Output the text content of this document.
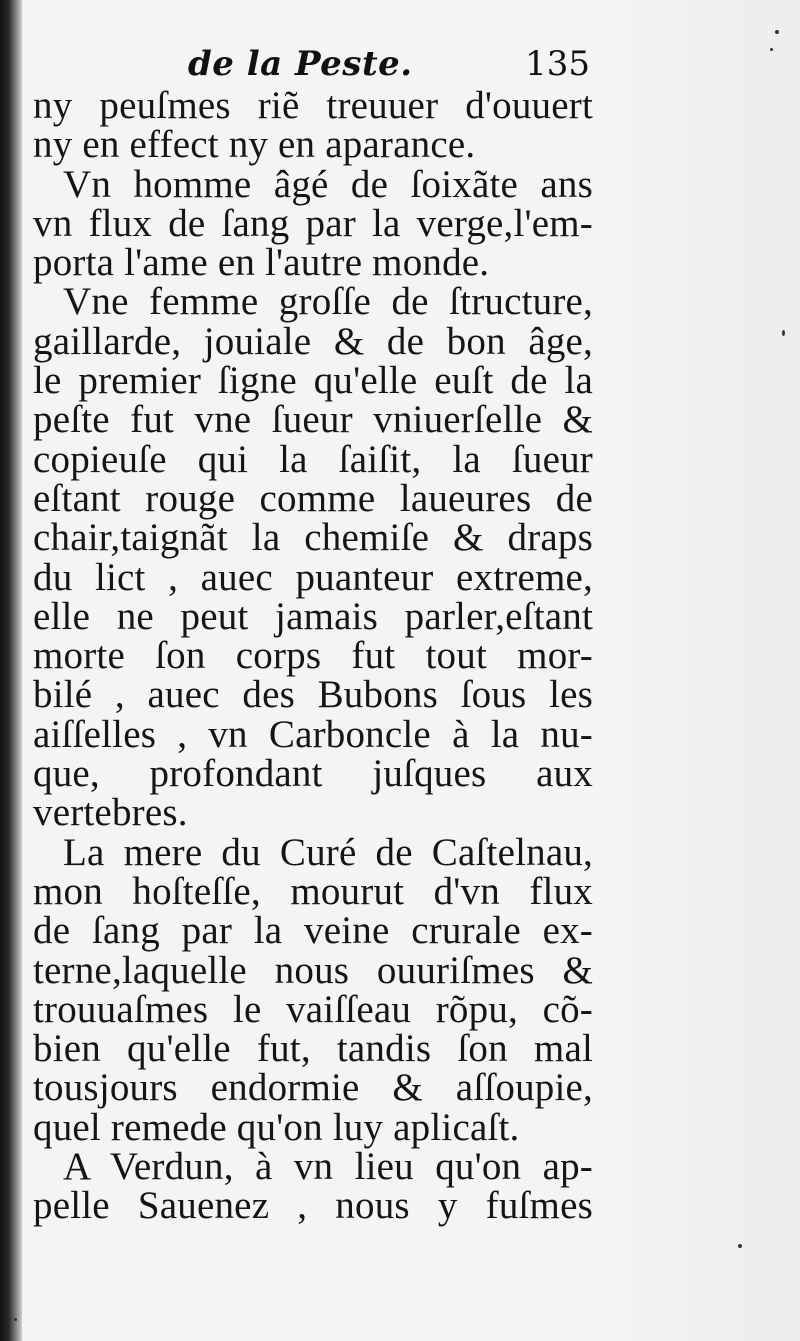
de la Peste.	135
ny peuſmes riẽ treuuer d'ouuert
ny en effect ny en aparance.
Vn homme âgé de ſoixãte ans
vn flux de ſang par la verge,l'em-
porta l'ame en l'autre monde.
Vne femme groſſe de ſtructure,
gaillarde, jouiale & de bon âge,
le premier ſigne qu'elle euſt de la
peſte fut vne ſueur vniuerſelle &
copieuſe qui la ſaiſit, la ſueur
eſtant rouge comme laueures de
chair,taignãt la chemiſe & draps
du lict , auec puanteur extreme,
elle ne peut jamais parler,eſtant
morte ſon corps fut tout mor-
bilé , auec des Bubons ſous les
aiſſelles , vn Carboncle à la nu-
que, profondant juſques aux
vertebres.
La mere du Curé de Caſtelnau,
mon hoſteſſe, mourut d'vn flux
de ſang par la veine crurale ex-
terne,laquelle nous ouuriſmes &
trouuaſmes le vaiſſeau rõpu, cõ-
bien qu'elle fut, tandis ſon mal
tousjours endormie & aſſoupie,
quel remede qu'on luy aplicaſt.
A Verdun, à vn lieu qu'on ap-
pelle Sauenez , nous y fuſmes
